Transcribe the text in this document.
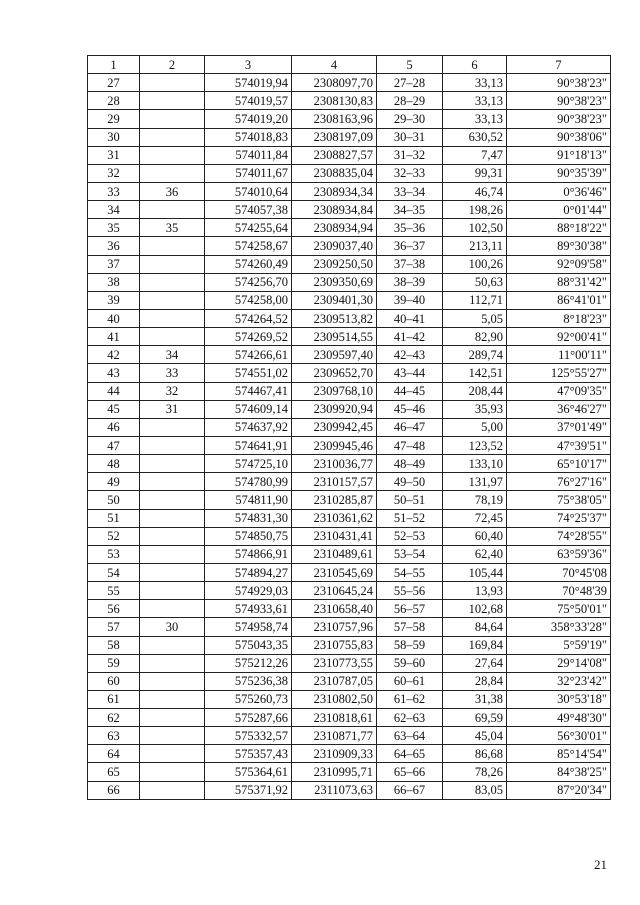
1	2	3	4	5	6	7
27		574019,94	2308097,70	27–28	33,13	90°38'23"
28		574019,57	2308130,83	28–29	33,13	90°38'23"
29		574019,20	2308163,96	29–30	33,13	90°38'23"
30		574018,83	2308197,09	30–31	630,52	90°38'06"
31		574011,84	2308827,57	31–32	7,47	91°18'13"
32		574011,67	2308835,04	32–33	99,31	90°35'39"
33	36	574010,64	2308934,34	33–34	46,74	0°36'46"
34		574057,38	2308934,84	34–35	198,26	0°01'44"
35	35	574255,64	2308934,94	35–36	102,50	88°18'22"
36		574258,67	2309037,40	36–37	213,11	89°30'38"
37		574260,49	2309250,50	37–38	100,26	92°09'58"
38		574256,70	2309350,69	38–39	50,63	88°31'42"
39		574258,00	2309401,30	39–40	112,71	86°41'01"
40		574264,52	2309513,82	40–41	5,05	8°18'23"
41		574269,52	2309514,55	41–42	82,90	92°00'41"
42	34	574266,61	2309597,40	42–43	289,74	11°00'11"
43	33	574551,02	2309652,70	43–44	142,51	125°55'27"
44	32	574467,41	2309768,10	44–45	208,44	47°09'35"
45	31	574609,14	2309920,94	45–46	35,93	36°46'27"
46		574637,92	2309942,45	46–47	5,00	37°01'49"
47		574641,91	2309945,46	47–48	123,52	47°39'51"
48		574725,10	2310036,77	48–49	133,10	65°10'17"
49		574780,99	2310157,57	49–50	131,97	76°27'16"
50		574811,90	2310285,87	50–51	78,19	75°38'05"
51		574831,30	2310361,62	51–52	72,45	74°25'37"
52		574850,75	2310431,41	52–53	60,40	74°28'55"
53		574866,91	2310489,61	53–54	62,40	63°59'36"
54		574894,27	2310545,69	54–55	105,44	70°45'08
55		574929,03	2310645,24	55–56	13,93	70°48'39
56		574933,61	2310658,40	56–57	102,68	75°50'01"
57	30	574958,74	2310757,96	57–58	84,64	358°33'28"
58		575043,35	2310755,83	58–59	169,84	5°59'19"
59		575212,26	2310773,55	59–60	27,64	29°14'08"
60		575236,38	2310787,05	60–61	28,84	32°23'42"
61		575260,73	2310802,50	61–62	31,38	30°53'18"
62		575287,66	2310818,61	62–63	69,59	49°48'30"
63		575332,57	2310871,77	63–64	45,04	56°30'01"
64		575357,43	2310909,33	64–65	86,68	85°14'54"
65		575364,61	2310995,71	65–66	78,26	84°38'25"
66		575371,92	2311073,63	66–67	83,05	87°20'34"
21
